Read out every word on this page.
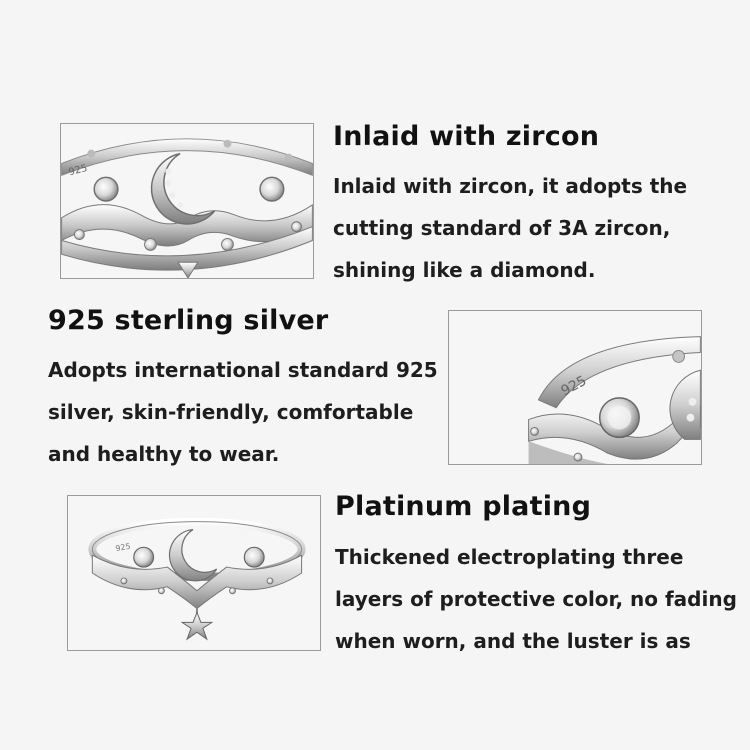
925
Inlaid with zircon
Inlaid with zircon, it adopts the
cutting standard of 3A zircon,
shining like a diamond.
925 sterling silver
Adopts international standard 925
silver, skin-friendly, comfortable
and healthy to wear.
925
925
Platinum plating
Thickened electroplating three
layers of protective color, no fading
when worn, and the luster is as
